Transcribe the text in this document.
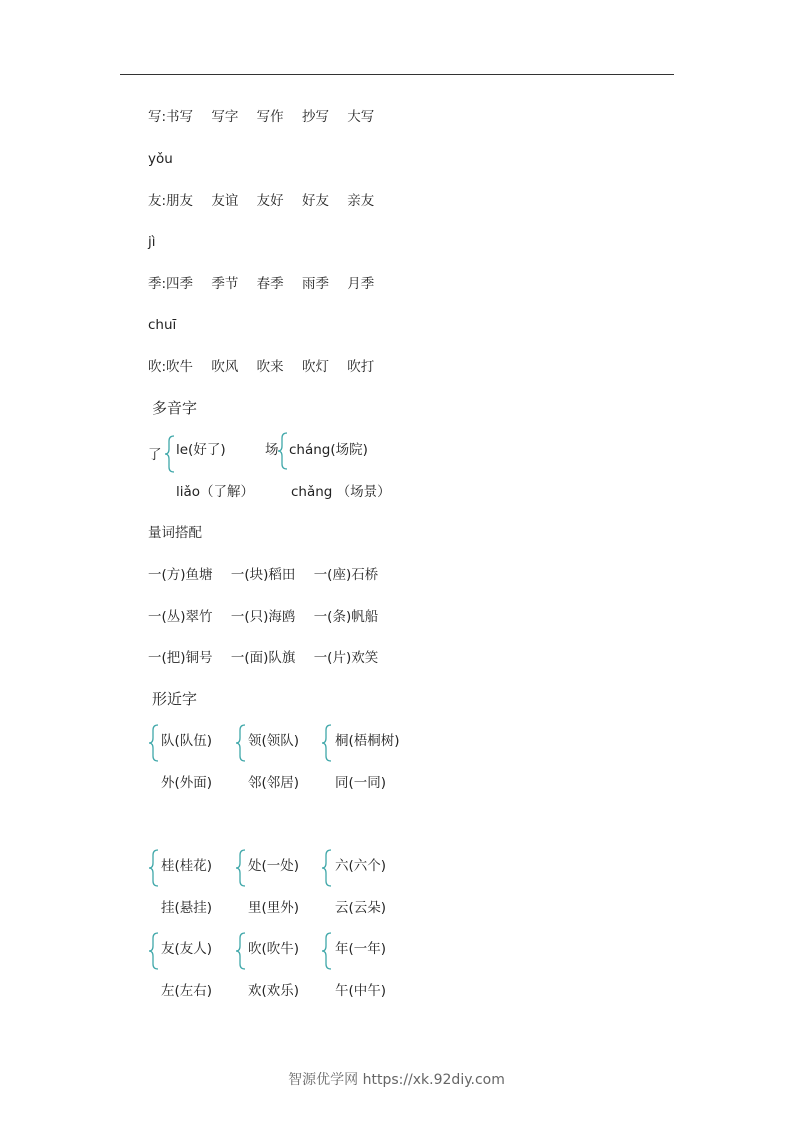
写:书写 写字 写作 抄写 大写
yǒu
友:朋友 友谊 友好 好友 亲友
jì
季:四季 季节 春季 雨季 月季
chuī
吹:吹牛 吹风 吹来 吹灯 吹打
多音字
了 le(好了)
liǎo（了解）
场 cháng(场院)
chǎng （场景）
量词搭配
一(方)鱼塘 一(块)稻田 一(座)石桥
一(丛)翠竹 一(只)海鸥 一(条)帆船
一(把)铜号 一(面)队旗 一(片)欢笑
形近字
队(队伍)
外(外面)
领(领队)
邻(邻居)
桐(梧桐树)
同(一同)
桂(桂花)
挂(悬挂)
处(一处)
里(里外)
六(六个)
云(云朵)
友(友人)
左(左右)
吹(吹牛)
欢(欢乐)
年(一年)
午(中午)
智源优学网 https://xk.92diy.com
